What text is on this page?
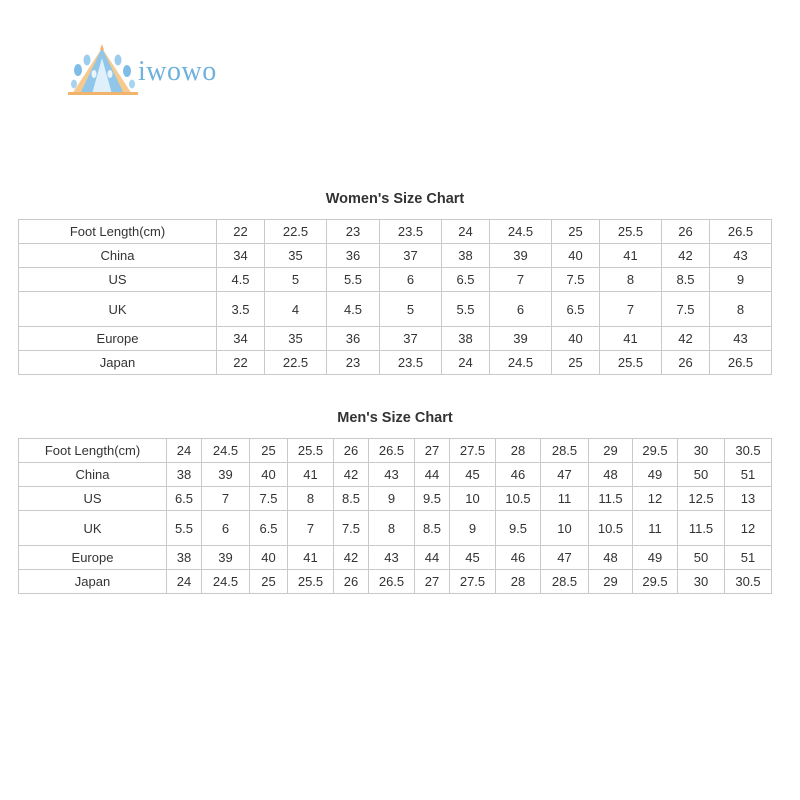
iwowo
Women's Size Chart
Foot Length(cm)	22	22.5	23	23.5	24	24.5	25	25.5	26	26.5
China	34	35	36	37	38	39	40	41	42	43
US	4.5	5	5.5	6	6.5	7	7.5	8	8.5	9
UK	3.5	4	4.5	5	5.5	6	6.5	7	7.5	8
Europe	34	35	36	37	38	39	40	41	42	43
Japan	22	22.5	23	23.5	24	24.5	25	25.5	26	26.5
Men's Size Chart
Foot Length(cm)	24	24.5	25	25.5	26	26.5	27	27.5	28	28.5	29	29.5	30	30.5
China	38	39	40	41	42	43	44	45	46	47	48	49	50	51
US	6.5	7	7.5	8	8.5	9	9.5	10	10.5	11	11.5	12	12.5	13
UK	5.5	6	6.5	7	7.5	8	8.5	9	9.5	10	10.5	11	11.5	12
Europe	38	39	40	41	42	43	44	45	46	47	48	49	50	51
Japan	24	24.5	25	25.5	26	26.5	27	27.5	28	28.5	29	29.5	30	30.5
